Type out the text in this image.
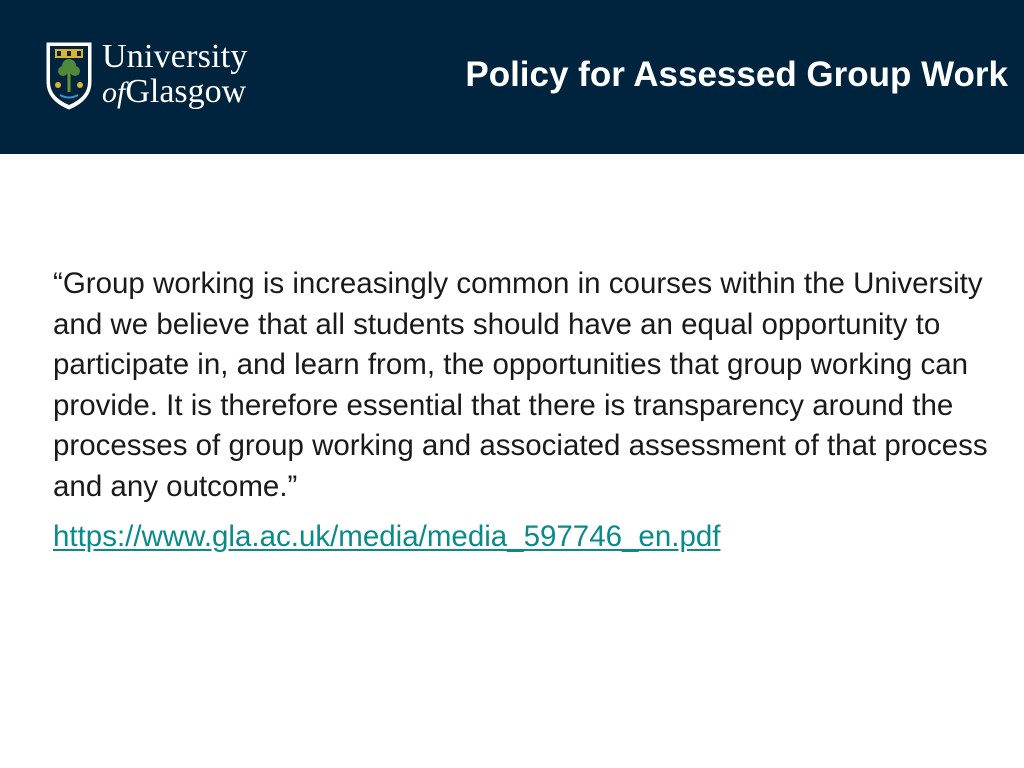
University
ofGlasgow	Policy for Assessed Group Work

“Group working is increasingly common in courses within the University and we believe that all students should have an equal opportunity to participate in, and learn from, the opportunities that group working can provide. It is therefore essential that there is transparency around the processes of group working and associated assessment of that process and any outcome.”

https://www.gla.ac.uk/media/media_597746_en.pdf
